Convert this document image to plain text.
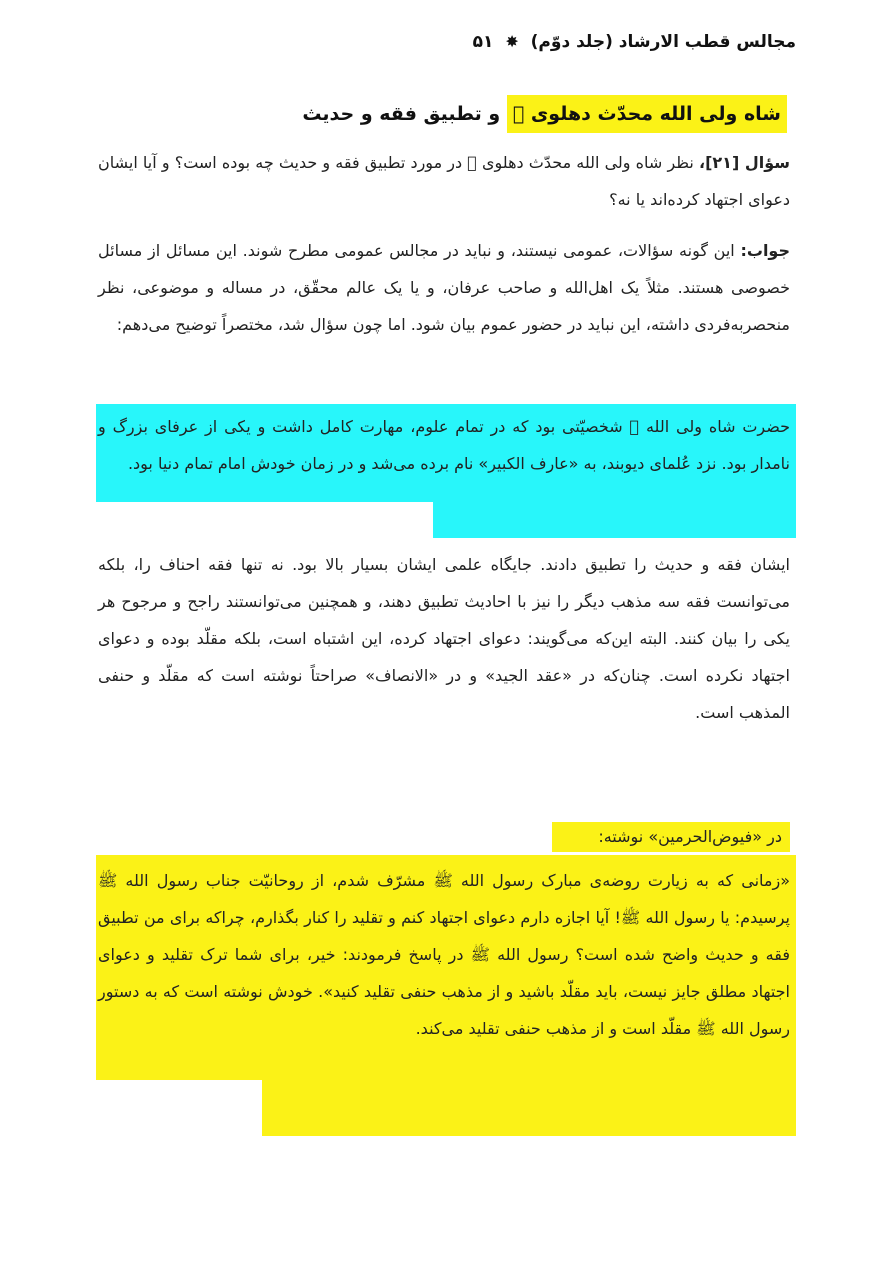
مجالس قطب الارشاد (جلد دوّم) ✸ ۵۱
شاه ولی الله محدّث دهلوی ﷫ و تطبیق فقه و حدیث
سؤال [۲۱]، نظر شاه ولی الله محدّث دهلوی ﷫ در مورد تطبیق فقه و حدیث چه بوده است؟ و آیا ایشان دعوای اجتهاد کرده‌اند یا نه؟
جواب: این گونه سؤالات، عمومی نیستند، و نباید در مجالس عمومی مطرح شوند. این مسائل از مسائل خصوصی هستند. مثلاً یک اهل‌الله و صاحب عرفان، و یا یک عالم محقّق، در مساله و موضوعی، نظر منحصربه‌فردی داشته، این نباید در حضور عموم بیان شود. اما چون سؤال شد، مختصراً توضیح می‌دهم:
حضرت شاه ولی الله ﷫ شخصیّتی بود که در تمام علوم، مهارت کامل داشت و یکی از عرفای بزرگ و نامدار بود. نزد عُلمای دیوبند، به «عارف الکبیر» نام برده می‌شد و در زمان خودش امام تمام دنیا بود.
ایشان فقه و حدیث را تطبیق دادند. جایگاه علمی ایشان بسیار بالا بود. نه تنها فقه احناف را، بلکه می‌توانست فقه سه مذهب دیگر را نیز با احادیث تطبیق دهند، و همچنین می‌توانستند راجح و مرجوح هر یکی را بیان کنند. البته این‌که می‌گویند: دعوای اجتهاد کرده، این اشتباه است، بلکه مقلّد بوده و دعوای اجتهاد نکرده است. چنان‌که در «عقد الجید» و در «الانصاف» صراحتاً نوشته است که مقلّد و حنفی المذهب است.
در «فیوض‌الحرمین» نوشته:
«زمانی که به زیارت روضه‌ی مبارک رسول الله ﷺ مشرّف شدم، از روحانیّت جناب رسول الله ﷺ پرسیدم: یا رسول الله ﷺ! آیا اجازه دارم دعوای اجتهاد کنم و تقلید را کنار بگذارم، چراکه برای من تطبیق فقه و حدیث واضح شده است؟ رسول الله ﷺ در پاسخ فرمودند: خیر، برای شما ترک تقلید و دعوای اجتهاد مطلق جایز نیست، باید مقلّد باشید و از مذهب حنفی تقلید کنید». خودش نوشته است که به دستور رسول الله ﷺ مقلّد است و از مذهب حنفی تقلید می‌کند.
